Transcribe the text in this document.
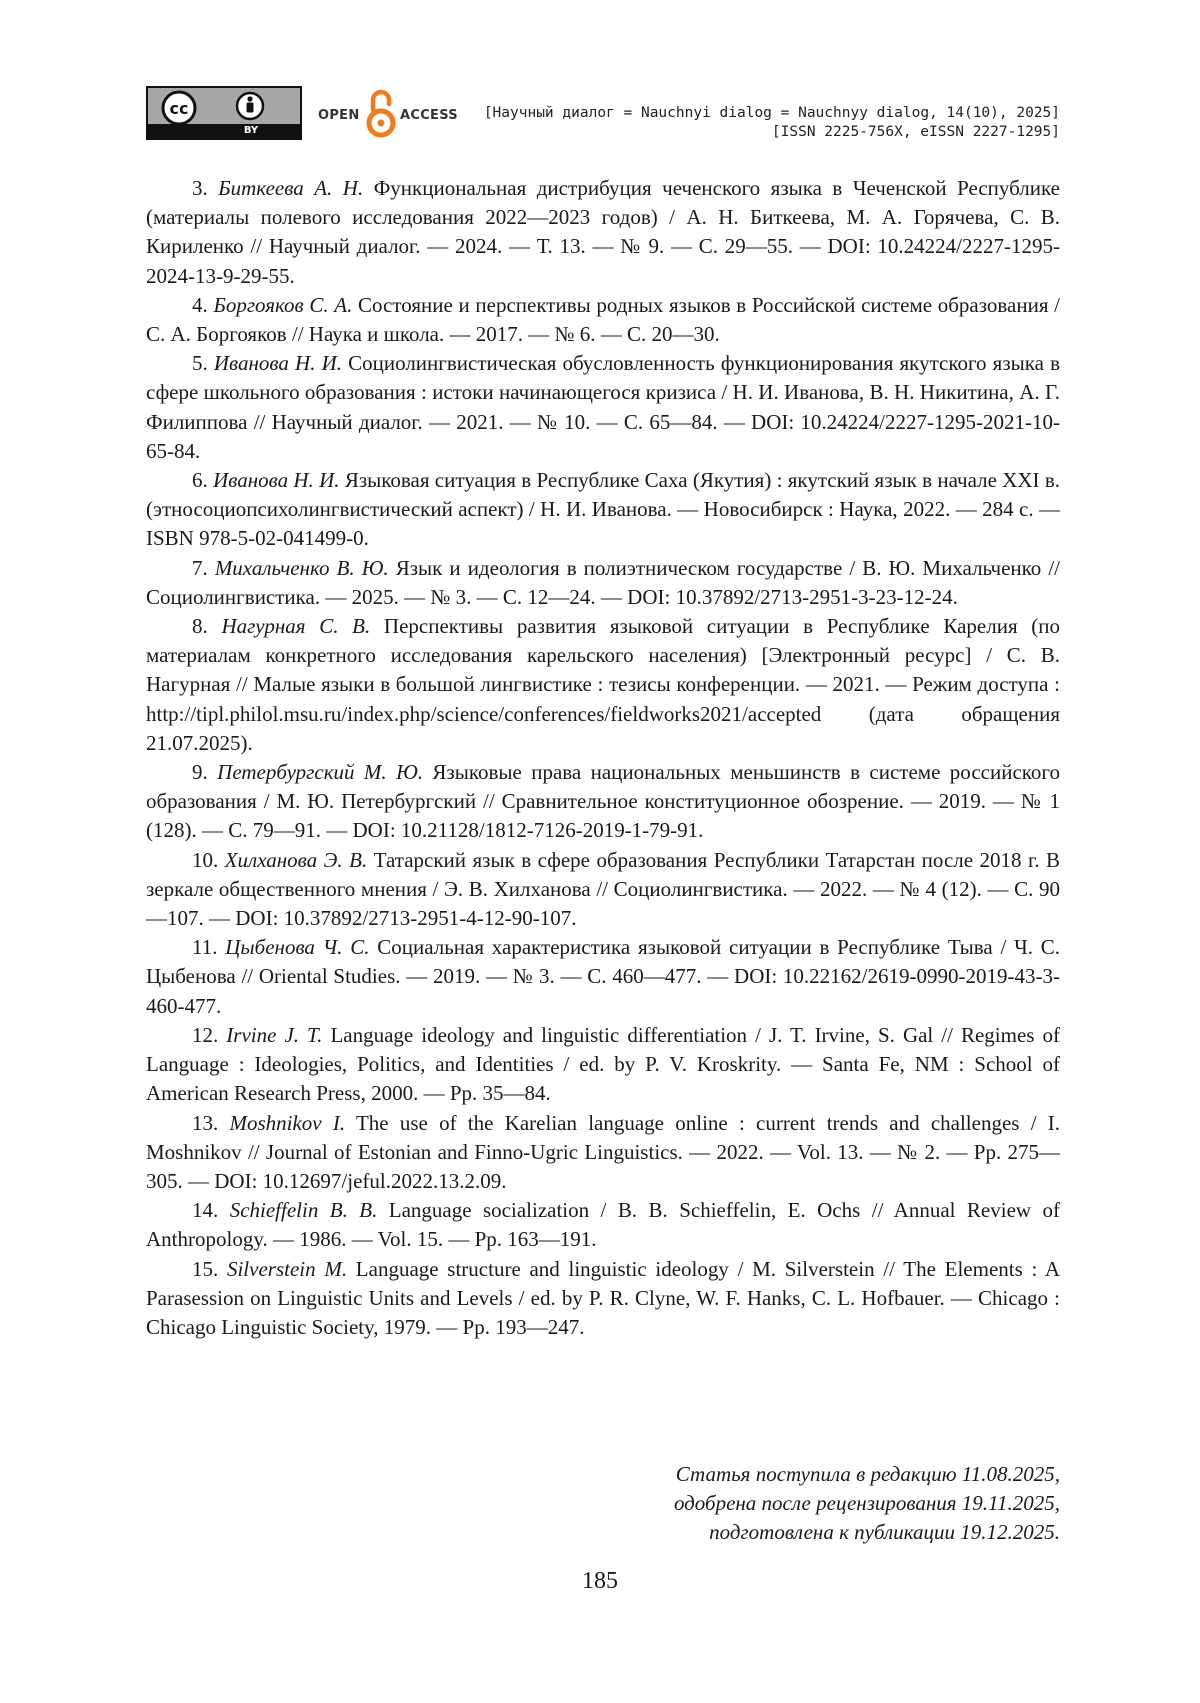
cc
BY
OPEN	ACCESS [Научный диалог = Nauchnyi dialog = Nauchnyy dialog, 14(10), 2025]
[ISSN 2225-756X, eISSN 2227-1295]

3. Биткеева А. Н. Функциональная дистрибуция чеченского языка в Чеченской Республике (материалы полевого исследования 2022—2023 годов) / А. Н. Биткеева, М. А. Горячева, С. В. Кириленко // Научный диалог. — 2024. — Т. 13. — № 9. — С. 29—55. — DOI: 10.24224/2227-1295-2024-13-9-29-55.

4. Боргояков С. А. Состояние и перспективы родных языков в Российской системе образования / С. А. Боргояков // Наука и школа. — 2017. — № 6. — С. 20—30.

5. Иванова Н. И. Социолингвистическая обусловленность функционирования якутского языка в сфере школьного образования : истоки начинающегося кризиса / Н. И. Иванова, В. Н. Никитина, А. Г. Филиппова // Научный диалог. — 2021. — № 10. — С. 65—84. — DOI: 10.24224/2227-1295-2021-10-65-84.

6. Иванова Н. И. Языковая ситуация в Республике Саха (Якутия) : якутский язык в начале XXI в. (этносоциопсихолингвистический аспект) / Н. И. Иванова. — Новосибирск : Наука, 2022. — 284 с. — ISBN 978-5-02-041499-0.

7. Михальченко В. Ю. Язык и идеология в полиэтническом государстве / В. Ю. Михальченко // Социолингвистика. — 2025. — № 3. — С. 12—24. — DOI: 10.37892/2713-2951-3-23-12-24.

8. Нагурная С. В. Перспективы развития языковой ситуации в Республике Карелия (по материалам конкретного исследования карельского населения) [Электронный ресурс] / С. В. Нагурная // Малые языки в большой лингвистике : тезисы конференции. — 2021. — Режим доступа : http://tipl.philol.msu.ru/index.php/science/conferences/fieldworks2021/accepted (дата обращения 21.07.2025).

9. Петербургский М. Ю. Языковые права национальных меньшинств в системе российского образования / М. Ю. Петербургский // Сравнительное конституционное обозрение. — 2019. — № 1 (128). — С. 79—91. — DOI: 10.21128/1812-7126-2019-1-79-91.

10. Хилханова Э. В. Татарский язык в сфере образования Республики Татарстан после 2018 г. В зеркале общественного мнения / Э. В. Хилханова // Социолингвистика. — 2022. — № 4 (12). — С. 90—107. — DOI: 10.37892/2713-2951-4-12-90-107.

11. Цыбенова Ч. С. Социальная характеристика языковой ситуации в Республике Тыва / Ч. С. Цыбенова // Oriental Studies. — 2019. — № 3. — С. 460—477. — DOI: 10.22162/2619-0990-2019-43-3-460-477.

12. Irvine J. T. Language ideology and linguistic differentiation / J. T. Irvine, S. Gal // Regimes of Language : Ideologies, Politics, and Identities / ed. by P. V. Kroskrity. — Santa Fe, NM : School of American Research Press, 2000. — Pp. 35—84.

13. Moshnikov I. The use of the Karelian language online : current trends and challenges / I. Moshnikov // Journal of Estonian and Finno-Ugric Linguistics. — 2022. — Vol. 13. — № 2. — Pp. 275—305. — DOI: 10.12697/jeful.2022.13.2.09.

14. Schieffelin B. B. Language socialization / B. B. Schieffelin, E. Ochs // Annual Review of Anthropology. — 1986. — Vol. 15. — Pp. 163—191.

15. Silverstein M. Language structure and linguistic ideology / M. Silverstein // The Elements : A Parasession on Linguistic Units and Levels / ed. by P. R. Clyne, W. F. Hanks, C. L. Hofbauer. — Chicago : Chicago Linguistic Society, 1979. — Pp. 193—247.

Статья поступила в редакцию 11.08.2025,
одобрена после рецензирования 19.11.2025,
подготовлена к публикации 19.12.2025.
185
